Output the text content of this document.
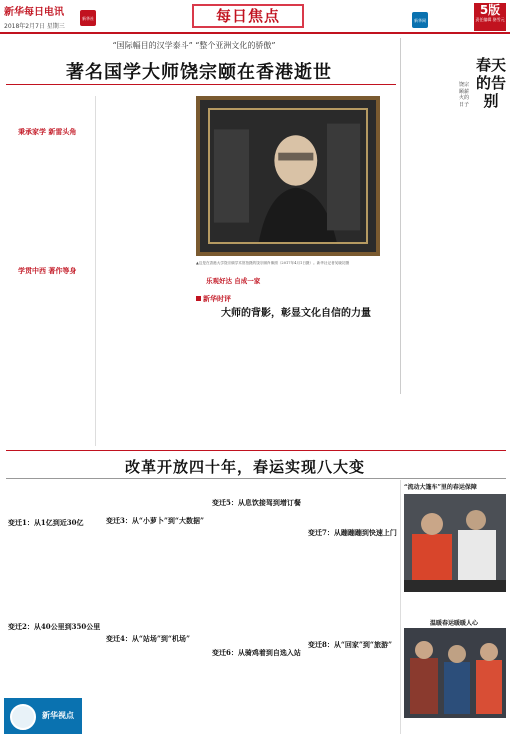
新华每日电讯
2018年2月7日 星期三
新华社	每日焦点	新华网
5版
责任编辑 骆雪元
“国际幅目的汉学泰斗” “整个亚洲文化的骄傲”
著名国学大师饶宗颐在香港逝世
秉承家学 新雷头角
学贯中西 著作等身
乐观好达 自成一家
▲这是在香港大学饶宗颐学术馆拍摄的饶宗颐肖像照（2017年4月1日摄）。新华社记者吴晓初摄
新华时评
大师的背影，彰显文化自信的力量
春天的告别
饶宗颐薪火的日子
改革开放四十年，春运实现八大变
变迁1：从1亿到近30亿
变迁2：从40公里到350公里
变迁3：从“小萝卜”到“大数据”
变迁4：从“站场”到“机场”
变迁5：从息饮接驾到增订餐
变迁6：从骑鸡着到自选入站
变迁7：从蹦蹦蹦到快速上门
变迁8：从“回家”到“旅游”
“流动大篷车”里的春运保障
温暖春运暖暖人心
新华视点
